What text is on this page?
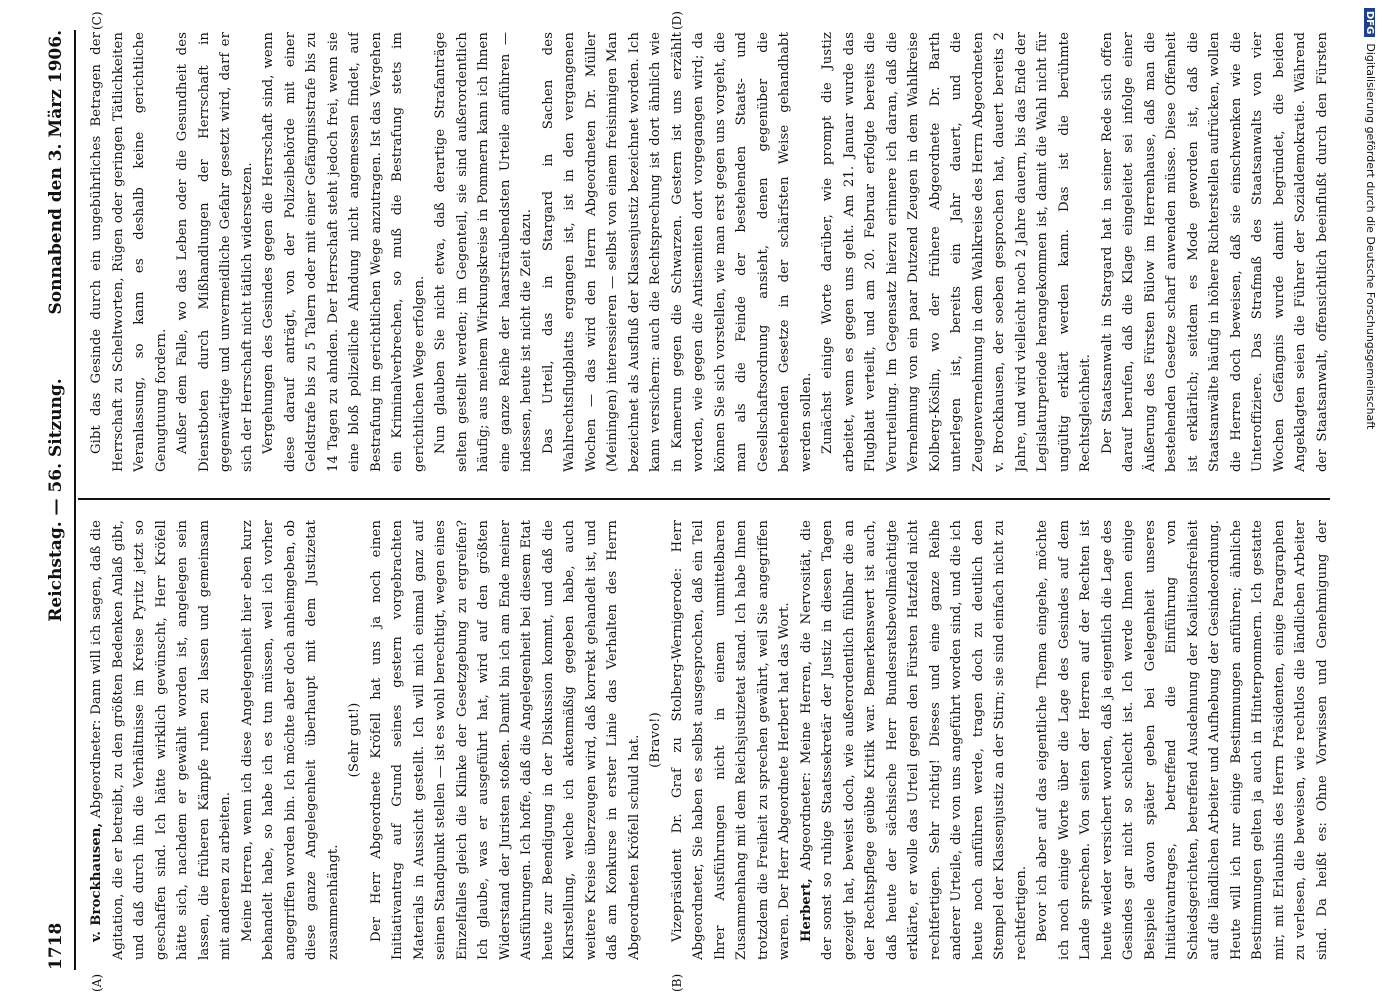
1718
Reichstag. — 56. Sitzung.
Sonnabend den 3. März 1906.
(A)	(B)
(C)	(D)

v. Brockhausen, Abgeordneter: Dann will ich sagen, daß die Agitation, die er betreibt, zu den größten Bedenken Anlaß gibt, und daß durch ihn die Verhältnisse im Kreise Pyritz jetzt so geschaffen sind. Ich hätte wirklich gewünscht, Herr Kröfell hätte sich, nachdem er gewählt worden ist, angelegen sein lassen, die früheren Kämpfe ruhen zu lassen und gemeinsam mit anderen zu arbeiten. Meine Herren, wenn ich diese Angelegenheit hier eben kurz behandelt habe, so habe ich es tun müssen, weil ich vorher angegriffen worden bin. Ich möchte aber doch anheimgeben, ob diese ganze Angelegenheit überhaupt mit dem Justizetat zusammenhängt.

(Sehr gut!) Der Herr Abgeordnete Kröfell hat uns ja noch einen Initiativantrag auf Grund seines gestern vorgebrachten Materials in Aussicht gestellt. Ich will mich einmal ganz auf seinen Standpunkt stellen — ist es wohl berechtigt, wegen eines Einzelfalles gleich die Klinke der Gesetzgebung zu ergreifen? Ich glaube, was er ausgeführt hat, wird auf den größten Widerstand der Juristen stoßen. Damit bin ich am Ende meiner Ausführungen. Ich hoffe, daß die Angelegenheit bei diesem Etat heute zur Beendigung in der Diskussion kommt, und daß die Klarstellung, welche ich aktenmäßig gegeben habe, auch weitere Kreise überzeugen wird, daß korrekt gehandelt ist, und daß am Konkurse in erster Linie das Verhalten des Herrn Abgeordneten Kröfell schuld hat. (Bravo!) Vizepräsident Dr. Graf zu Stolberg-Wernigerode: Herr Abgeordneter, Sie haben es selbst ausgesprochen, daß ein Teil Ihrer Ausführungen nicht in einem unmittelbaren Zusammenhang mit dem Reichsjustizetat stand. Ich habe Ihnen trotzdem die Freiheit zu sprechen gewährt, weil Sie angegriffen waren. Der Herr Abgeordnete Herbert hat das Wort. Herbert, Abgeordneter: Meine Herren, die Nervosität, die der sonst so ruhige Staatssekretär der Justiz in diesen Tagen gezeigt hat, beweist doch, wie außerordentlich fühlbar die an der Rechtspflege geübte Kritik war. Bemerkenswert ist auch, daß heute der sächsische Herr Bundesratsbevollmächtigte erklärte, er wolle das Urteil gegen den Fürsten Hatzfeld nicht rechtfertigen. Sehr richtig! Dieses und eine ganze Reihe anderer Urteile, die von uns angeführt worden sind, und die ich heute noch anführen werde, tragen doch zu deutlich den Stempel der Klassenjustiz an der Stirn; sie sind einfach nicht zu rechtfertigen. Bevor ich aber auf das eigentliche Thema eingehe, möchte ich noch einige Worte über die Lage des Gesindes auf dem Lande sprechen. Von seiten der Herren auf der Rechten ist heute wieder versichert worden, daß ja eigentlich die Lage des Gesindes gar nicht so schlecht ist. Ich werde Ihnen einige Beispiele davon später geben bei Gelegenheit unseres Initiativantrages, betreffend die Einführung von Schiedsgerichten, betreffend Ausdehnung der Koalitionsfreiheit auf die ländlichen Arbeiter und Aufhebung der Gesindeordnung. Heute will ich nur einige Bestimmungen anführen; ähnliche Bestimmungen gelten ja auch in Hinterpommern. Ich gestatte mir, mit Erlaubnis des Herrn Präsidenten, einige Paragraphen zu verlesen, die beweisen, wie rechtlos die ländlichen Arbeiter sind. Da heißt es: Ohne Vorwissen und Genehmigung der

Gibt das Gesinde durch ein ungebührliches Betragen der Herrschaft zu Scheltworten, Rügen oder geringen Tätlichkeiten Veranlassung, so kann es deshalb keine gerichtliche Genugtuung fordern. Außer dem Falle, wo das Leben oder die Gesundheit des Dienstboten durch Mißhandlungen der Herrschaft in gegenwärtige und unvermeidliche Gefahr gesetzt wird, darf er sich der Herrschaft nicht tätlich widersetzen. Vergehungen des Gesindes gegen die Herrschaft sind, wenn diese darauf anträgt, von der Polizeibehörde mit einer Geldstrafe bis zu 5 Talern oder mit einer Gefängnisstrafe bis zu 14 Tagen zu ahnden. Der Herrschaft steht jedoch frei, wenn sie eine bloß polizeiliche Ahndung nicht angemessen findet, auf Bestrafung im gerichtlichen Wege anzutragen. Ist das Vergehen ein Kriminalverbrechen, so muß die Bestrafung stets im gerichtlichen Wege erfolgen. Nun glauben Sie nicht etwa, daß derartige Strafanträge selten gestellt werden; im Gegenteil, sie sind außerordentlich häufig; aus meinem Wirkungskreise in Pommern kann ich Ihnen eine ganze Reihe der haarsträubendsten Urteile anführen — indessen, heute ist nicht die Zeit dazu. Das Urteil, das in Stargard in Sachen des Wahlrechtsflugblatts ergangen ist, ist in den vergangenen Wochen — das wird den Herrn Abgeordneten Dr. Müller (Meiningen) interessieren — selbst von einem freisinnigen Man bezeichnet als Ausfluß der Klassenjustiz bezeichnet worden. Ich kann versichern: auch die Rechtsprechung ist dort ähnlich wie in Kamerun gegen die Schwarzen. Gestern ist uns erzählt worden, wie gegen die Antisemiten dort vorgegangen wird; da können Sie sich vorstellen, wie man erst gegen uns vorgeht, die man als die Feinde der bestehenden Staats- und Gesellschaftsordnung ansieht, denen gegenüber die bestehenden Gesetze in der schärfsten Weise gehandhabt werden sollen. Zunächst einige Worte darüber, wie prompt die Justiz arbeitet, wenn es gegen uns geht. Am 21. Januar wurde das Flugblatt verteilt, und am 20. Februar erfolgte bereits die Verurteilung. Im Gegensatz hierzu erinnere ich daran, daß die Vernehmung von ein paar Dutzend Zeugen in dem Wahlkreise Kolberg-Köslin, wo der frühere Abgeordnete Dr. Barth unterlegen ist, bereits ein Jahr dauert, und die Zeugenvernehmung in dem Wahlkreise des Herrn Abgeordneten v. Brockhausen, der soeben gesprochen hat, dauert bereits 2 Jahre, und wird vielleicht noch 2 Jahre dauern, bis das Ende der Legislaturperiode herangekommen ist, damit die Wahl nicht für ungültig erklärt werden kann. Das ist die berühmte Rechtsgleichheit. Der Staatsanwalt in Stargard hat in seiner Rede sich offen darauf berufen, daß die Klage eingeleitet sei infolge einer Äußerung des Fürsten Bülow im Herrenhause, daß man die bestehenden Gesetze scharf anwenden müsse. Diese Offenheit ist erklärlich; seitdem es Mode geworden ist, daß die Staatsanwälte häufig in höhere Richterstellen aufrücken, wollen die Herren doch beweisen, daß sie einschwenken wie die Unteroffiziere. Das Strafmaß des Staatsanwalts von vier Wochen Gefängnis wurde damit begründet, die beiden Angeklagten seien die Führer der Sozialdemokratie. Während der Staatsanwalt, offensichtlich beeinflußt durch den Fürsten

DFGDigitalisierung gefördert durch die Deutsche Forschungsgemeinschaft
